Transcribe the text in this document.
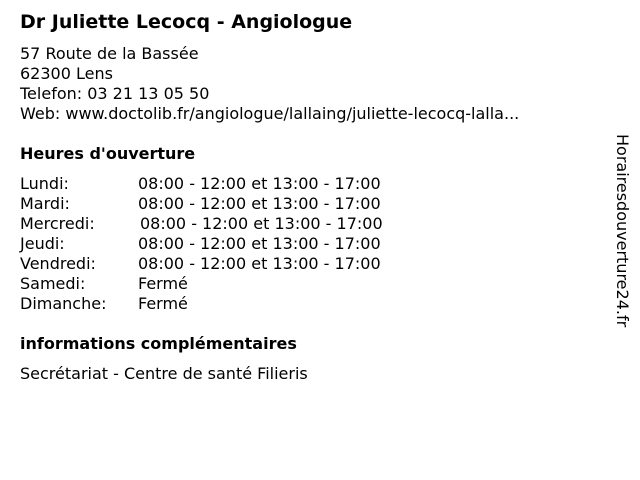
Dr Juliette Lecocq - Angiologue
57 Route de la Bassée
62300 Lens
Telefon: 03 21 13 05 50
Web: www.doctolib.fr/angiologue/lallaing/juliette-lecocq-lalla...
Heures d'ouverture
Lundi:	08:00 - 12:00 et 13:00 - 17:00
Mardi:	08:00 - 12:00 et 13:00 - 17:00
Mercredi:	08:00 - 12:00 et 13:00 - 17:00
Jeudi:	08:00 - 12:00 et 13:00 - 17:00
Vendredi:	08:00 - 12:00 et 13:00 - 17:00
Samedi:	Fermé
Dimanche:	Fermé
informations complémentaires
Secrétariat - Centre de santé Filieris
Horairesdouverture24.fr
